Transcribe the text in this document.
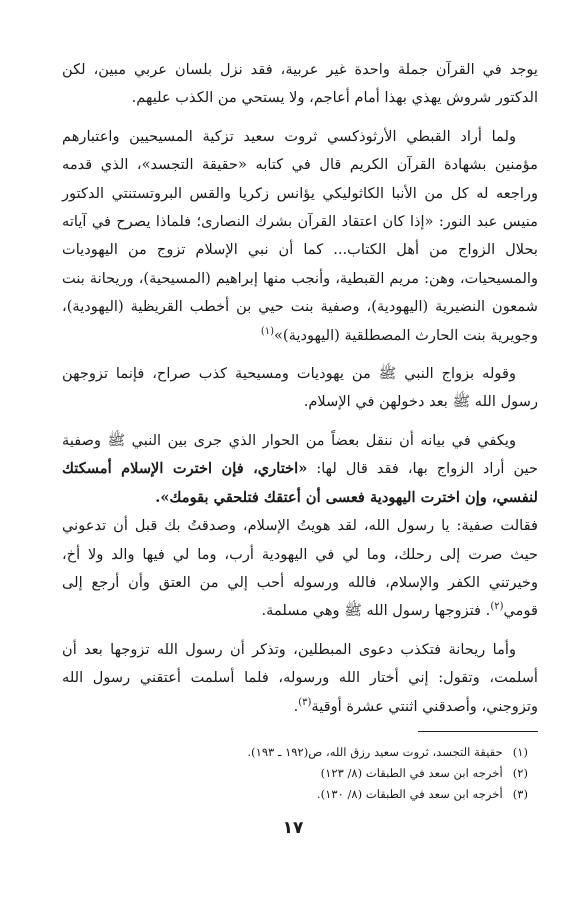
يوجد في القرآن جملة واحدة غير عربية، فقد نزل بلسان عربي مبين، لكن الدكتور شروش يهذي بهذا أمام أعاجم، ولا يستحي من الكذب عليهم.

ولما أراد القبطي الأرثوذكسي ثروت سعيد تزكية المسيحيين واعتبارهم مؤمنين بشهادة القرآن الكريم قال في كتابه «حقيقة التجسد»، الذي قدمه وراجعه له كل من الأنبا الكاثوليكي يؤانس زكريا والقس البروتستنتي الدكتور منيس عبد النور: «إذا كان اعتقاد القرآن بشرك النصارى؛ فلماذا يصرح في آياته بحلال الزواج من أهل الكتاب... كما أن نبي الإسلام تزوج من اليهوديات والمسيحيات، وهن: مريم القبطية، وأنجب منها إبراهيم (المسيحية)، وريحانة بنت شمعون النضيرية (اليهودية)، وصفية بنت حيي بن أخطب القريظية (اليهودية)، وجويرية بنت الحارث المصطلقية (اليهودية)»$^{(١)}$

وقوله بزواج النبي ﷺ من يهوديات ومسيحية كذب صراح، فإنما تزوجهن رسول الله ﷺ بعد دخولهن في الإسلام.

ويكفي في بيانه أن ننقل بعضاً من الحوار الذي جرى بين النبي ﷺ وصفية حين أراد الزواج بها، فقد قال لها: «اختاري، فإن اخترت الإسلام أمسكتك لنفسي، وإن اخترت اليهودية فعسى أن أعتقك فتلحقي بقومك».
فقالت صفية: يا رسول الله، لقد هويتُ الإسلام، وصدقتُ بك قبل أن تدعوني حيث صرت إلى رحلك، وما لي في اليهودية أرب، وما لي فيها والد ولا أخ، وخيرتني الكفر والإسلام، فالله ورسوله أحب إلي من العتق وأن أرجع إلى قومي$^{(٢)}$. فتزوجها رسول الله ﷺ وهي مسلمة.

وأما ريحانة فتكذب دعوى المبطلين، وتذكر أن رسول الله تزوجها بعد أن أسلمت، وتقول: إني أختار الله ورسوله، فلما أسلمت أعتقني رسول الله وتزوجني، وأصدقني اثنتي عشرة أوقية$^{(٣)}$.

(١)حقيقة التجسد، ثروت سعيد رزق الله، ص(١٩٢ ـ ١٩٣).

(٢)أخرجه ابن سعد في الطبقات (٨/ ١٢٣)

(٣)أخرجه ابن سعد في الطبقات (٨/ ١٣٠).

١٧
